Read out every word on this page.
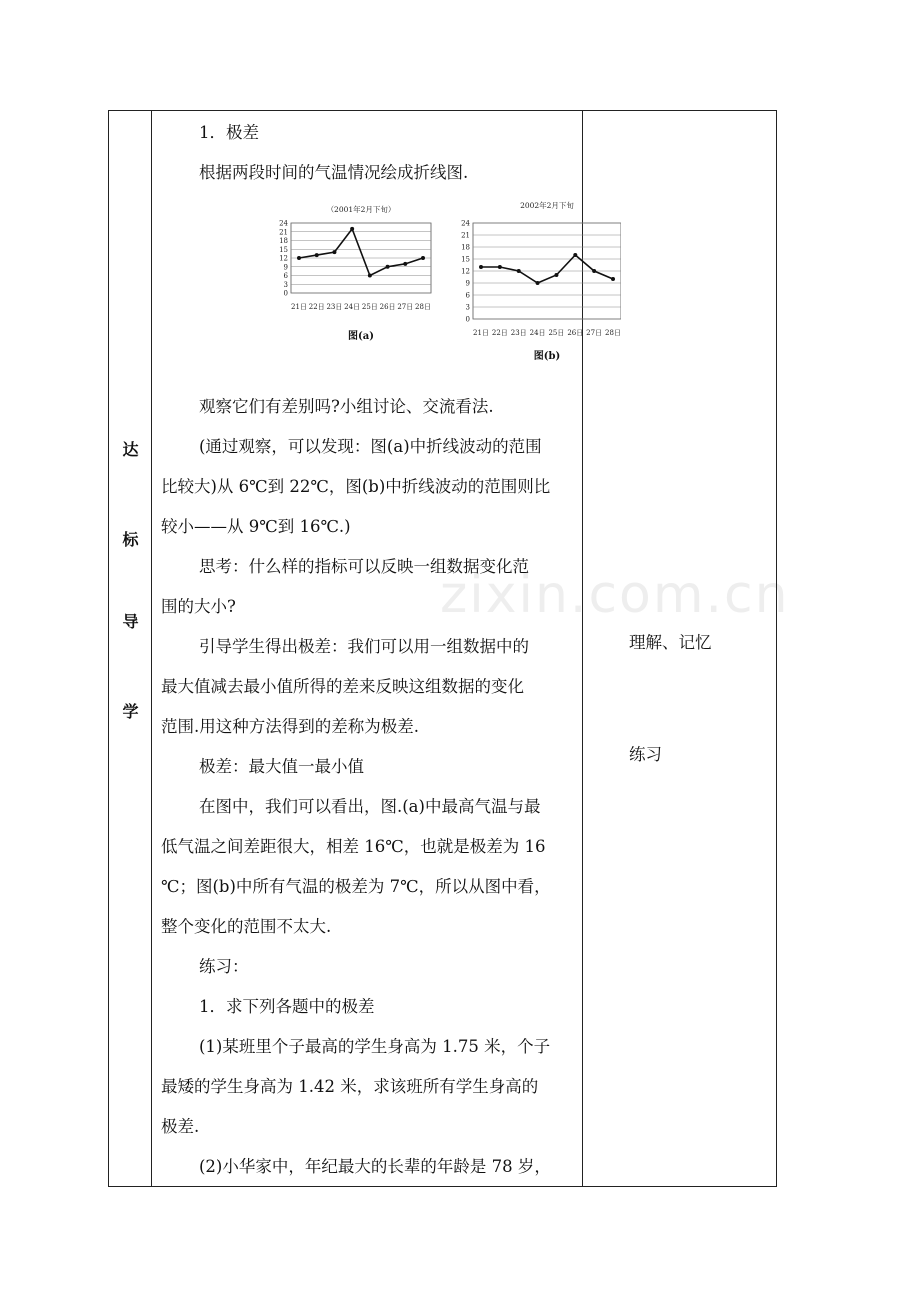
zixin.com.cn
达
标
导
学
1．极差
根据两段时间的气温情况绘成折线图.
24
21
18
15
12
9
6
3
0
21日 22日 23日 24日 25日 26日 27日 28日
（2001年2月下旬）
图(a)
24
21
18
15
12
9
6
3
0
21日 22日 23日 24日 25日 26日 27日 28日
2002年2月下旬
图(b)
观察它们有差别吗?小组讨论、交流看法.
(通过观察，可以发现：图(a)中折线波动的范围
比较大)从 6℃到 22℃，图(b)中折线波动的范围则比
较小——从 9℃到 16℃.)
思考：什么样的指标可以反映一组数据变化范
围的大小?
引导学生得出极差：我们可以用一组数据中的
最大值减去最小值所得的差来反映这组数据的变化
范围.用这种方法得到的差称为极差.
极差：最大值一最小值
在图中，我们可以看出，图.(a)中最高气温与最
低气温之间差距很大，相差 16℃，也就是极差为 16
℃；图(b)中所有气温的极差为 7℃，所以从图中看，
整个变化的范围不太大.
练习：
1．求下列各题中的极差
(1)某班里个子最高的学生身高为 1.75 米，个子
最矮的学生身高为 1.42 米，求该班所有学生身高的
极差.
(2)小华家中，年纪最大的长辈的年龄是 78 岁，
理解、记忆
练习
